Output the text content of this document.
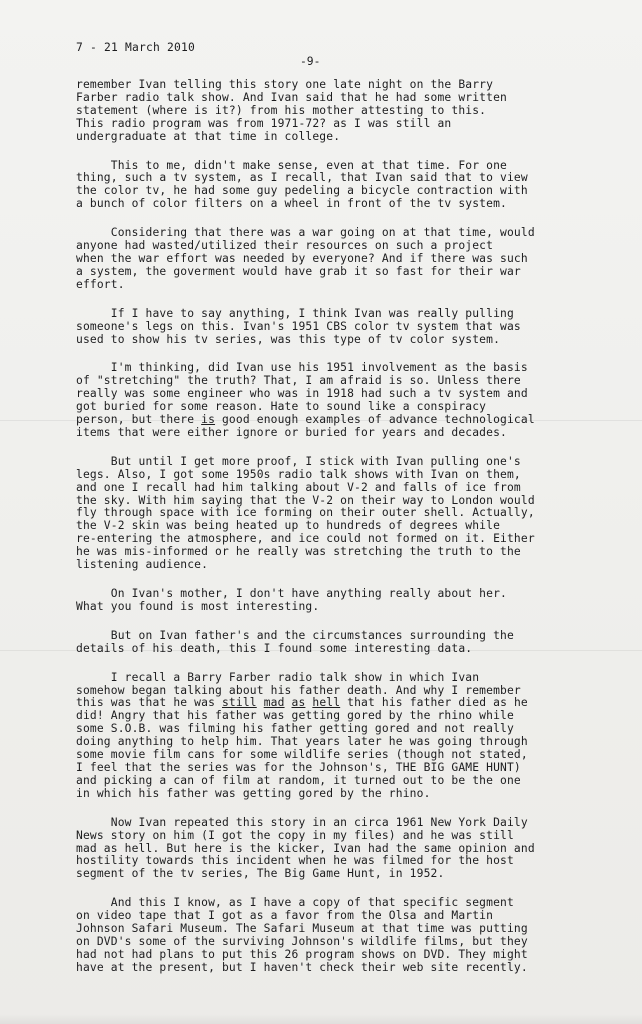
7 - 21 March 2010
-9-
remember Ivan telling this story one late night on the Barry
Farber radio talk show. And Ivan said that he had some written
statement (where is it?) from his mother attesting to this.
This radio program was from 1971-72? as I was still an
undergraduate at that time in college.
This to me, didn't make sense, even at that time. For one
thing, such a tv system, as I recall, that Ivan said that to view
the color tv, he had some guy pedeling a bicycle contraction with
a bunch of color filters on a wheel in front of the tv system.
Considering that there was a war going on at that time, would
anyone had wasted/utilized their resources on such a project
when the war effort was needed by everyone? And if there was such
a system, the goverment would have grab it so fast for their war
effort.
If I have to say anything, I think Ivan was really pulling
someone's legs on this. Ivan's 1951 CBS color tv system that was
used to show his tv series, was this type of tv color system.
I'm thinking, did Ivan use his 1951 involvement as the basis
of "stretching" the truth? That, I am afraid is so. Unless there
really was some engineer who was in 1918 had such a tv system and
got buried for some reason. Hate to sound like a conspiracy
person, but there is good enough examples of advance technological
items that were either ignore or buried for years and decades.
But until I get more proof, I stick with Ivan pulling one's
legs. Also, I got some 1950s radio talk shows with Ivan on them,
and one I recall had him talking about V-2 and falls of ice from
the sky. With him saying that the V-2 on their way to London would
fly through space with ice forming on their outer shell. Actually,
the V-2 skin was being heated up to hundreds of degrees while
re-entering the atmosphere, and ice could not formed on it. Either
he was mis-informed or he really was stretching the truth to the
listening audience.
On Ivan's mother, I don't have anything really about her.
What you found is most interesting.
But on Ivan father's and the circumstances surrounding the
details of his death, this I found some interesting data.
I recall a Barry Farber radio talk show in which Ivan
somehow began talking about his father death. And why I remember
this was that he was still mad as hell that his father died as he
did! Angry that his father was getting gored by the rhino while
some S.O.B. was filming his father getting gored and not really
doing anything to help him. That years later he was going through
some movie film cans for some wildlife series (though not stated,
I feel that the series was for the Johnson's, THE BIG GAME HUNT)
and picking a can of film at random, it turned out to be the one
in which his father was getting gored by the rhino.
Now Ivan repeated this story in an circa 1961 New York Daily
News story on him (I got the copy in my files) and he was still
mad as hell. But here is the kicker, Ivan had the same opinion and
hostility towards this incident when he was filmed for the host
segment of the tv series, The Big Game Hunt, in 1952.
And this I know, as I have a copy of that specific segment
on video tape that I got as a favor from the Olsa and Martin
Johnson Safari Museum. The Safari Museum at that time was putting
on DVD's some of the surviving Johnson's wildlife films, but they
had not had plans to put this 26 program shows on DVD. They might
have at the present, but I haven't check their web site recently.
